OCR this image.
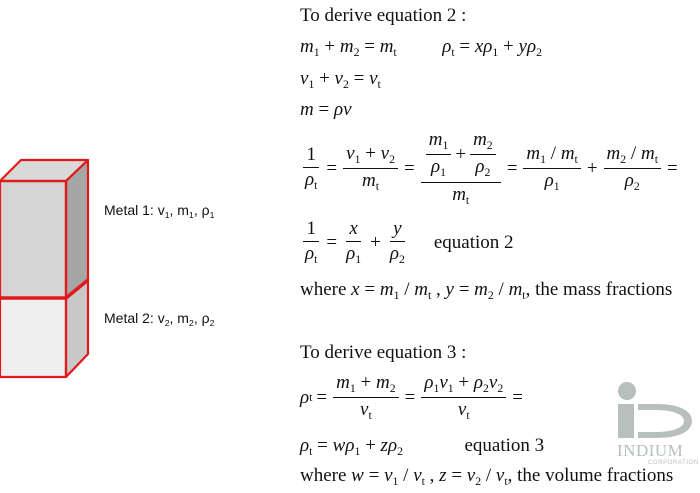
Metal 1: $v_1$, $m_1$, $\rho_1$
Metal 2: $v_2$, $m_2$, $\rho_2$
To derive equation 2 :
$m_1 + m_2 = m_t$ $\rho_t = x\rho_1 + y\rho_2$
$v_1 + v_2 = v_t$
m = ρv
$\frac{1}{\rho_t} = \frac{v_1 + v_2}{m_t} = \frac{\frac{m_1}{\rho_1} + \frac{m_2}{\rho_2}}{m_t} = \frac{m_1 / m_t}{\rho_1} + \frac{m_2 / m_t}{\rho_2}$ =
$\frac{1}{\rho_t} = \frac{x}{\rho_1} + \frac{y}{\rho_2}$ equation 2
where $x = m_1 / m_t$ , $y = m_2 / m_t$, the mass fractions
To derive equation 3 :
ρ $t = \frac{m_1 + m_2}{v_t} = \frac{\rho_1v_1 + \rho_2v_2}{v_t}$ =
$\rho_t = w\rho_1 + z\rho_2$	equation 3
where $w = v_1 / v_t$ , $z = v_2 / v_t$, the volume fractions
INDIUM
CORPORATION
